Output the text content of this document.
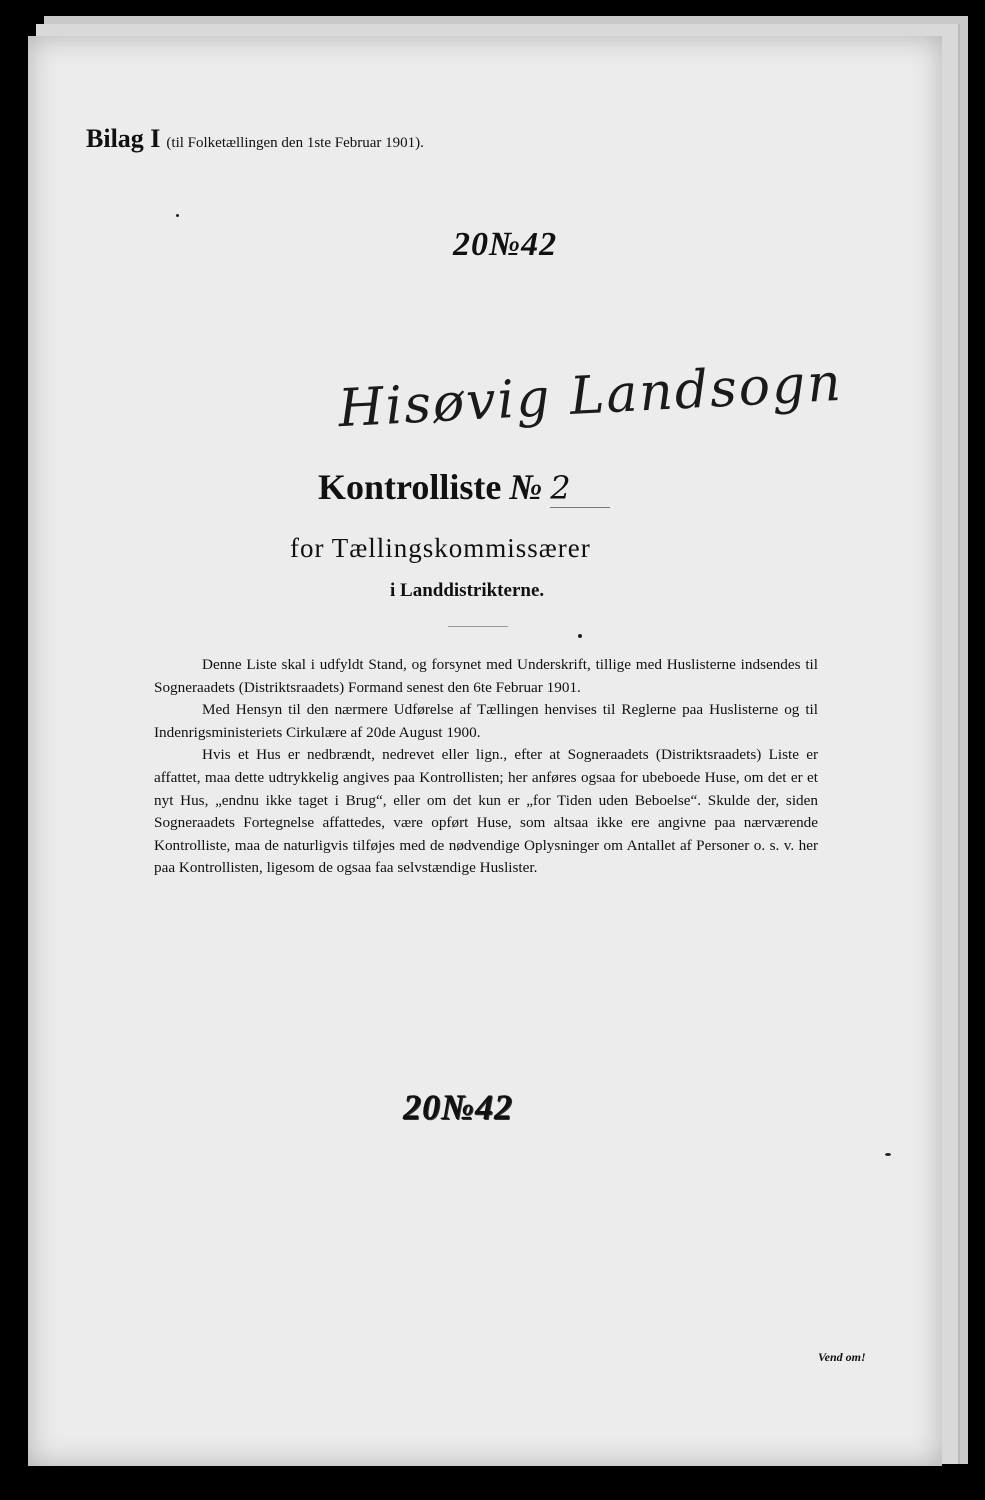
Bilag I (til Folketællingen den 1ste Februar 1901).
20№42
Hisøvig Landsogn
Kontrolliste № 2
for Tællingskommissærer
i Landdistrikterne.

Denne Liste skal i udfyldt Stand, og forsynet med Underskrift, tillige med Huslisterne indsendes til Sogneraadets (Distriktsraadets) Formand senest den 6te Februar 1901.

Med Hensyn til den nærmere Udførelse af Tællingen henvises til Reglerne paa Huslisterne og til Indenrigsministeriets Cirkulære af 20de August 1900.

Hvis et Hus er nedbrændt, nedrevet eller lign., efter at Sogneraadets (Distriktsraadets) Liste er affattet, maa dette udtrykkelig angives paa Kontrollisten; her anføres ogsaa for ubeboede Huse, om det er et nyt Hus, „endnu ikke taget i Brug“, eller om det kun er „for Tiden uden Beboelse“. Skulde der, siden Sogneraadets Fortegnelse affattedes, være opført Huse, som altsaa ikke ere angivne paa nærværende Kontrolliste, maa de naturligvis tilføjes med de nødvendige Oplysninger om Antallet af Personer o. s. v. her paa Kontrollisten, ligesom de ogsaa faa selvstændige Huslister.

20№42
Vend om!
